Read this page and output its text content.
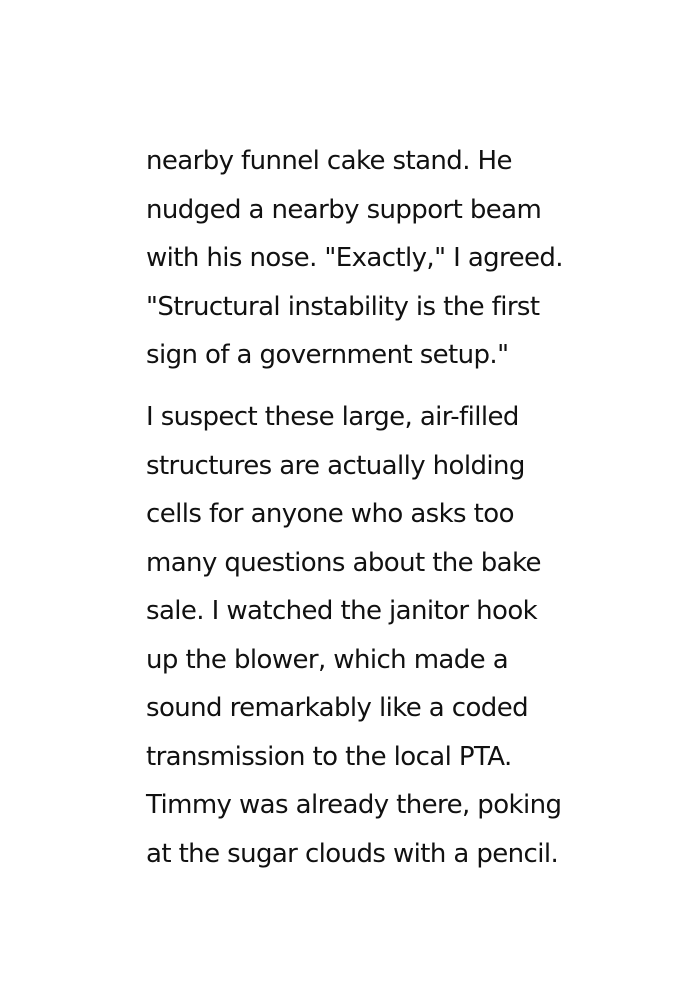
nearby funnel cake stand. He
nudged a nearby support beam
with his nose. "Exactly," I agreed.
"Structural instability is the first
sign of a government setup."
I suspect these large, air-filled
structures are actually holding
cells for anyone who asks too
many questions about the bake
sale. I watched the janitor hook
up the blower, which made a
sound remarkably like a coded
transmission to the local PTA.
Timmy was already there, poking
at the sugar clouds with a pencil.
